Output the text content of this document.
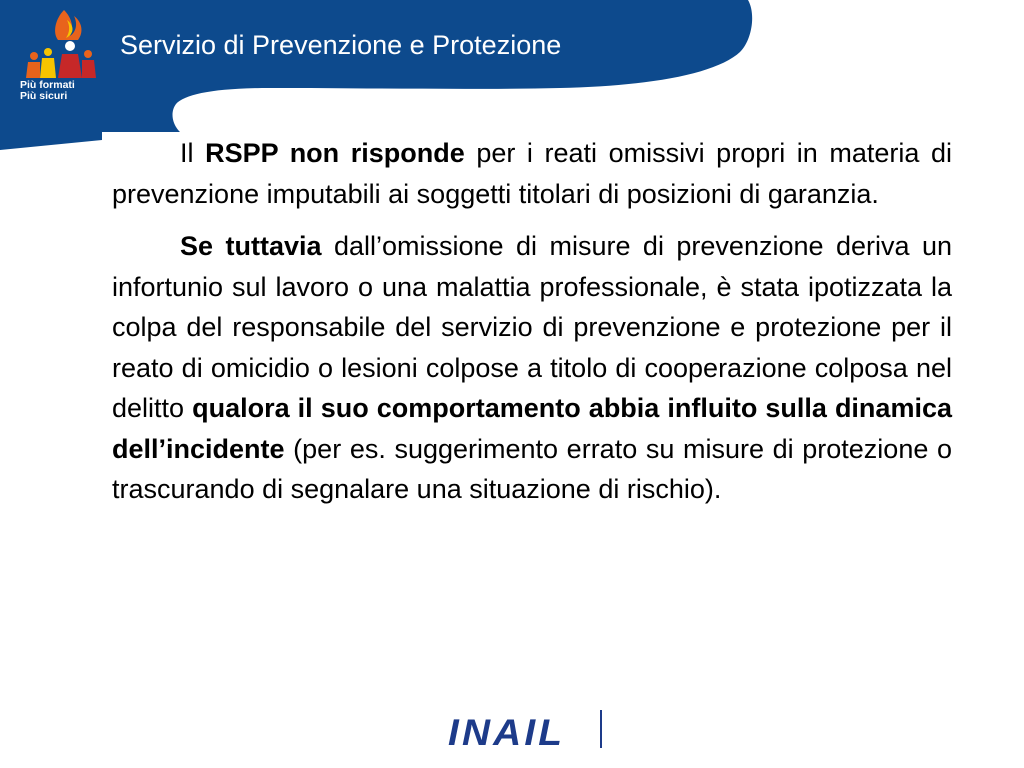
Più formati
Più sicuri
Servizio di Prevenzione e Protezione

Il RSPP non risponde per i reati omissivi propri in materia di prevenzione imputabili ai soggetti titolari di posizioni di garanzia.

Se tuttavia dall’omissione di misure di prevenzione deriva un infortunio sul lavoro o una malattia professionale, è stata ipotizzata la colpa del responsabile del servizio di prevenzione e protezione per il reato di omicidio o lesioni colpose a titolo di cooperazione colposa nel delitto qualora il suo comportamento abbia influito sulla dinamica dell’incidente (per es. suggerimento errato su misure di protezione o trascurando di segnalare una situazione di rischio).

INAIL
